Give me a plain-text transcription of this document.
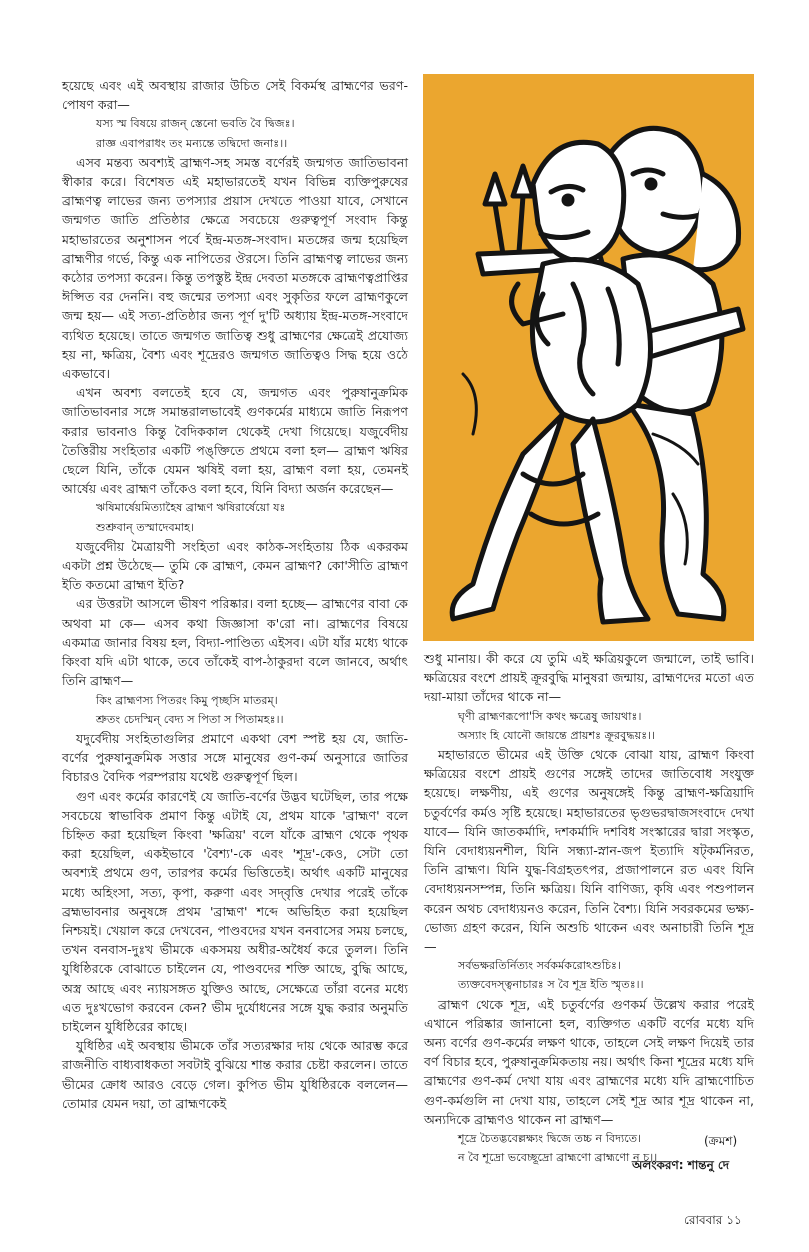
হয়েছে এবং এই অবস্থায় রাজার উচিত সেই বিকর্মস্থ ব্রাহ্মণের ভরণ-পোষণ করা—

যস্য স্ম বিষয়ে রাজন্ স্তেনো ভবতি বৈ দ্বিজঃ।

রাজ্ঞ এবাপরাধং তং মন্যন্তে তদ্বিদো জনাঃ।।

এসব মন্তব্য অবশ্যই ব্রাহ্মণ-সহ সমস্ত বর্ণেরই জন্মগত জাতিভাবনা স্বীকার করে। বিশেষত এই মহাভারতেই যখন বিভিন্ন ব্যক্তিপুরুষের ব্রাহ্মণত্ব লাভের জন্য তপস্যার প্রয়াস দেখতে পাওয়া যাবে, সেখানে জন্মগত জাতি প্রতিষ্ঠার ক্ষেত্রে সবচেয়ে গুরুত্বপূর্ণ সংবাদ কিন্তু মহাভারতের অনুশাসন পর্বে ইন্দ্র-মতঙ্গ-সংবাদ। মতঙ্গের জন্ম হয়েছিল ব্রাহ্মণীর গর্ভে, কিন্তু এক নাপিতের ঔরসে। তিনি ব্রাহ্মণত্ব লাভের জন্য কঠোর তপস্যা করেন। কিন্তু তপস্তুষ্ট ইন্দ্র দেবতা মতঙ্গকে ব্রাহ্মণত্বপ্রাপ্তির ঈপ্সিত বর দেননি। বহু জন্মের তপস্যা এবং সুকৃতির ফলে ব্রাহ্মণকুলে জন্ম হয়— এই সত্য-প্রতিষ্ঠার জন্য পূর্ণ দু'টি অধ্যায় ইন্দ্র-মতঙ্গ-সংবাদে ব্যথিত হয়েছে। তাতে জন্মগত জাতিত্ব শুধু ব্রাহ্মণের ক্ষেত্রেই প্রযোজ্য হয় না, ক্ষত্রিয়, বৈশ্য এবং শূদ্রেরও জন্মগত জাতিত্বও সিদ্ধ হয়ে ওঠে একভাবে।

এখন অবশ্য বলতেই হবে যে, জন্মগত এবং পুরুষানুক্রমিক জাতিভাবনার সঙ্গে সমান্তরালভাবেই গুণকর্মের মাধ্যমে জাতি নিরূপণ করার ভাবনাও কিন্তু বৈদিককাল থেকেই দেখা গিয়েছে। যজুর্বেদীয় তৈত্তিরীয় সংহিতার একটি পঙ্‌ক্তিতে প্রথমে বলা হল— ব্রাহ্মণ ঋষির ছেলে যিনি, তাঁকে যেমন ঋষিই বলা হয়, ব্রাহ্মণ বলা হয়, তেমনই আর্ষেয় এবং ব্রাহ্মণ তাঁকেও বলা হবে, যিনি বিদ্যা অর্জন করেছেন—

ঋষিমার্ষেয়মিত্যাহৈষ ব্রাহ্মণ ঋষিরার্ষেয়ো যঃ

শুশ্রুবান্ তস্মাদেবমাহ।

যজুর্বেদীয় মৈত্রায়ণী সংহিতা এবং কাঠক-সংহিতায় ঠিক একরকম একটা প্রশ্ন উঠেছে— তুমি কে ব্রাহ্মণ, কেমন ব্রাহ্মণ? কো'সীতি ব্রাহ্মণ ইতি কতমো ব্রাহ্মণ ইতি?

এর উত্তরটা আসলে ভীষণ পরিষ্কার। বলা হচ্ছে— ব্রাহ্মণের বাবা কে অথবা মা কে— এসব কথা জিজ্ঞাসা ক'রো না। ব্রাহ্মণের বিষয়ে একমাত্র জানার বিষয় হল, বিদ্যা-পাণ্ডিত্য এইসব। এটা যাঁর মধ্যে থাকে কিংবা যদি এটা থাকে, তবে তাঁকেই বাপ-ঠাকুরদা বলে জানবে, অর্থাৎ তিনি ব্রাহ্মণ—

কিং ব্রাহ্মণস্য পিতরং কিমু পৃচ্ছসি মাতরম্।

শ্রুতং চেদস্মিন্ বেদ্য স পিতা স পিতামহঃ।।

যদুর্বেদীয় সংহিতাগুলির প্রমাণে একথা বেশ স্পষ্ট হয় যে, জাতি-বর্ণের পুরুষানুক্রমিক সত্তার সঙ্গে মানুষের গুণ-কর্ম অনুসারে জাতির বিচারও বৈদিক পরম্পরায় যথেষ্ট গুরুত্বপূর্ণ ছিল।

গুণ এবং কর্মের কারণেই যে জাতি-বর্ণের উদ্ভব ঘটেছিল, তার পক্ষে সবচেয়ে স্বাভাবিক প্রমাণ কিন্তু এটাই যে, প্রথম যাকে 'ব্রাহ্মণ' বলে চিহ্নিত করা হয়েছিল কিংবা 'ক্ষত্রিয়' বলে যাঁকে ব্রাহ্মণ থেকে পৃথক করা হয়েছিল, একইভাবে 'বৈশ্য'-কে এবং 'শূদ্র'-কেও, সেটা তো অবশ্যই প্রথমে গুণ, তারপর কর্মের ভিত্তিতেই। অর্থাৎ একটি মানুষের মধ্যে অহিংসা, সত্য, কৃপা, করুণা এবং সদ্‌বৃত্তি দেখার পরেই তাঁকে ব্রহ্মভাবনার অনুষঙ্গে প্রথম 'ব্রাহ্মণ' শব্দে অভিহিত করা হয়েছিল নিশ্চয়ই। খেয়াল করে দেখবেন, পাণ্ডবদের যখন বনবাসের সময় চলছে, তখন বনবাস-দুঃখ ভীমকে একসময় অধীর-অধৈর্য করে তুলল। তিনি যুধিষ্ঠিরকে বোঝাতে চাইলেন যে, পাণ্ডবদের শক্তি আছে, বুদ্ধি আছে, অস্ত্র আছে এবং ন্যায়সঙ্গত যুক্তিও আছে, সেক্ষেত্রে তাঁরা বনের মধ্যে এত দুঃখভোগ করবেন কেন? ভীম দুর্যোধনের সঙ্গে যুদ্ধ করার অনুমতি চাইলেন যুধিষ্ঠিরের কাছে।

যুধিষ্ঠির এই অবস্থায় ভীমকে তাঁর সত্যরক্ষার দায় থেকে আরম্ভ করে রাজনীতি বাধ্যবাধকতা সবটাই বুঝিয়ে শান্ত করার চেষ্টা করলেন। তাতে ভীমের ক্রোধ আরও বেড়ে গেল। কুপিত ভীম যুধিষ্ঠিরকে বললেন— তোমার যেমন দয়া, তা ব্রাহ্মণকেই

শুধু মানায়। কী করে যে তুমি এই ক্ষত্রিয়কুলে জন্মালে, তাই ভাবি। ক্ষত্রিয়ের বংশে প্রায়ই ক্রূরবুদ্ধি মানুষরা জন্মায়, ব্রাহ্মণদের মতো এত দয়া-মায়া তাঁদের থাকে না—

ঘৃণী ব্রাহ্মণরূপো'সি কথং ক্ষত্রেষু জায়থাঃ।

অস্যাং হি যোনৌ জায়ন্তে প্রায়শঃ ক্রূরবুদ্ধয়ঃ।।

মহাভারতে ভীমের এই উক্তি থেকে বোঝা যায়, ব্রাহ্মণ কিংবা ক্ষত্রিয়ের বংশে প্রায়ই গুণের সঙ্গেই তাদের জাতিবোধ সংযুক্ত হয়েছে। লক্ষণীয়, এই গুণের অনুষঙ্গেই কিন্তু ব্রাহ্মণ-ক্ষত্রিয়াদি চতুর্বর্ণের কর্মও সৃষ্টি হয়েছে। মহাভারতের ভৃগুভরদ্বাজসংবাদে দেখা যাবে— যিনি জাতকর্মাদি, দশকর্মাদি দশবিধ সংস্কারের দ্বারা সংস্কৃত, যিনি বেদাধ্যয়নশীল, যিনি সন্ধ্যা-স্নান-জপ ইত্যাদি ষট্‌কর্মনিরত, তিনি ব্রাহ্মণ। যিনি যুদ্ধ-বিগ্রহতৎপর, প্রজাপালনে রত এবং যিনি বেদাধ্যয়নসম্পন্ন, তিনি ক্ষত্রিয়। যিনি বাণিজ্য, কৃষি এবং পশুপালন করেন অথচ বেদাধ্যয়নও করেন, তিনি বৈশ্য। যিনি সবরকমের ভক্ষ্য-ভোজ্য গ্রহণ করেন, যিনি অশুচি থাকেন এবং অনাচারী তিনি শূদ্র—

সর্বভক্ষরতির্নিত্যং সর্বকর্মকরোঽশুচিঃ।

ত্যক্তবেদস্ত্বনাচারঃ স বৈ শূদ্র ইতি স্মৃতঃ।।

ব্রাহ্মণ থেকে শূদ্র, এই চতুর্বর্ণের গুণকর্ম উল্লেখ করার পরেই এখানে পরিষ্কার জানানো হল, ব্যক্তিগত একটি বর্ণের মধ্যে যদি অন্য বর্ণের গুণ-কর্মের লক্ষণ থাকে, তাহলে সেই লক্ষণ দিয়েই তার বর্ণ বিচার হবে, পুরুষানুক্রমিকতায় নয়। অর্থাৎ কিনা শূদ্রের মধ্যে যদি ব্রাহ্মণের গুণ-কর্ম দেখা যায় এবং ব্রাহ্মণের মধ্যে যদি ব্রাহ্মণোচিত গুণ-কর্মগুলি না দেখা যায়, তাহলে সেই শূদ্র আর শূদ্র থাকেন না, অন্যদিকে ব্রাহ্মণও থাকেন না ব্রাহ্মণ—

শূদ্রে চৈতদ্ভবেল্লক্ষ্যং দ্বিজে তচ্চ ন বিদ্যতে।

ন বৈ শূদ্রো ভবেচ্ছূদ্রো ব্রাহ্মণো ব্রাহ্মণো ন চ।।

(ক্রমশ)
অলংকরণ: শান্তনু দে
রোববার ১১
